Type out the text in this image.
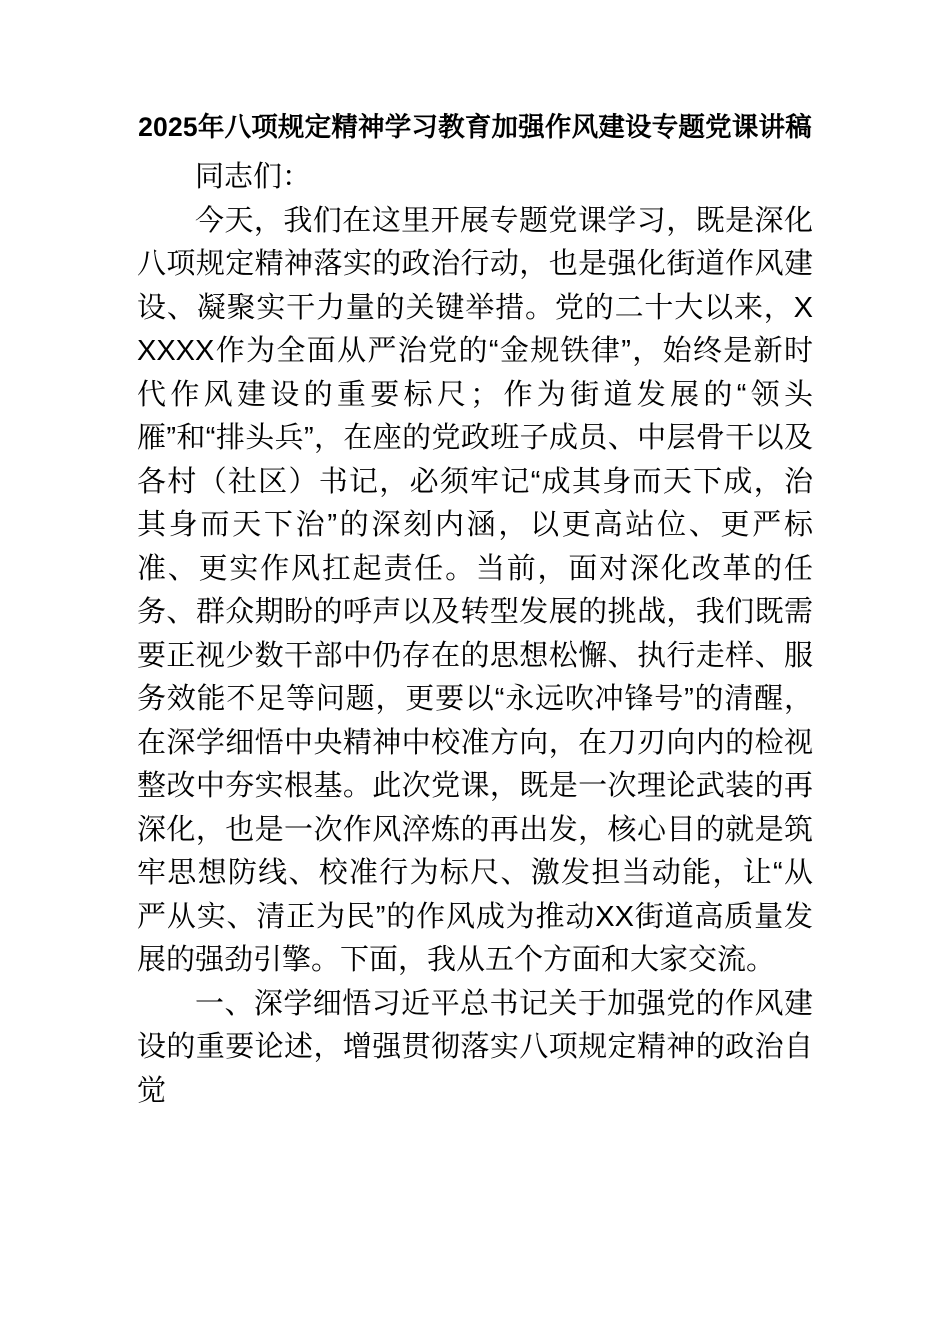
2025年八项规定精神学习教育加强作风建设专题党课讲稿

同志们：

今天，我们在这里开展专题党课学习，既是深化八项规定精神落实的政治行动，也是强化街道作风建设、凝聚实干力量的关键举措。党的二十大以来，XXXXX作为全面从严治党的“金规铁律”，始终是新时代作风建设的重要标尺；作为街道发展的“领头雁”和“排头兵”，在座的党政班子成员、中层骨干以及各村（社区）书记，必须牢记“成其身而天下成，治其身而天下治”的深刻内涵，以更高站位、更严标准、更实作风扛起责任。当前，面对深化改革的任务、群众期盼的呼声以及转型发展的挑战，我们既需要正视少数干部中仍存在的思想松懈、执行走样、服务效能不足等问题，更要以“永远吹冲锋号”的清醒，在深学细悟中央精神中校准方向，在刀刃向内的检视整改中夯实根基。此次党课，既是一次理论武装的再深化，也是一次作风淬炼的再出发，核心目的就是筑牢思想防线、校准行为标尺、激发担当动能，让“从严从实、清正为民”的作风成为推动XX街道高质量发展的强劲引擎。下面，我从五个方面和大家交流。

一、深学细悟习近平总书记关于加强党的作风建设的重要论述，增强贯彻落实八项规定精神的政治自觉
